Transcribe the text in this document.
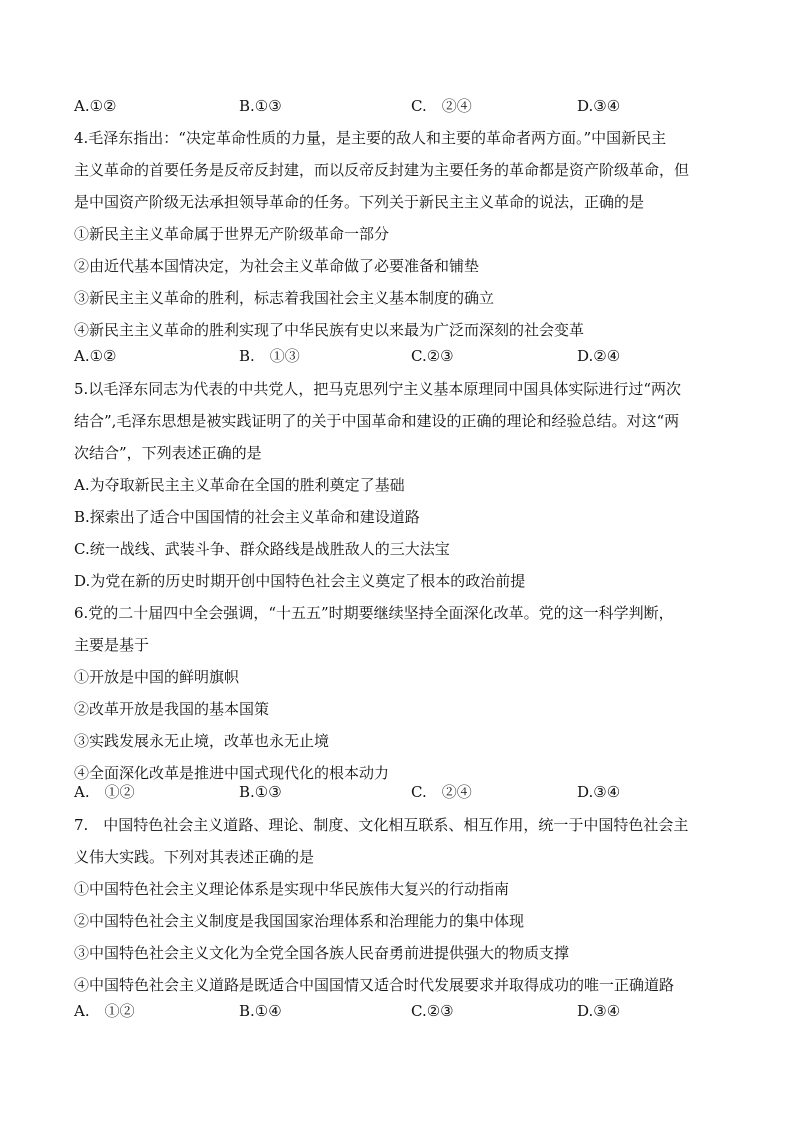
A.①②	B.①③	C.　②④	D.③④
4.毛泽东指出：“决定革命性质的力量，是主要的敌人和主要的革命者两方面。”中国新民主
主义革命的首要任务是反帝反封建，而以反帝反封建为主要任务的革命都是资产阶级革命，但
是中国资产阶级无法承担领导革命的任务。下列关于新民主主义革命的说法，正确的是
①新民主主义革命属于世界无产阶级革命一部分
②由近代基本国情决定，为社会主义革命做了必要准备和铺垫
③新民主主义革命的胜利，标志着我国社会主义基本制度的确立
④新民主主义革命的胜利实现了中华民族有史以来最为广泛而深刻的社会变革
A.①②	B.　①③	C.②③	D.②④
5.以毛泽东同志为代表的中共党人，把马克思列宁主义基本原理同中国具体实际进行过“两次
结合”,毛泽东思想是被实践证明了的关于中国革命和建设的正确的理论和经验总结。对这“两
次结合”，下列表述正确的是
A.为夺取新民主主义革命在全国的胜利奠定了基础
B.探索出了适合中国国情的社会主义革命和建设道路
C.统一战线、武装斗争、群众路线是战胜敌人的三大法宝
D.为党在新的历史时期开创中国特色社会主义奠定了根本的政治前提
6.党的二十届四中全会强调，“十五五”时期要继续坚持全面深化改革。党的这一科学判断，
主要是基于
①开放是中国的鲜明旗帜
②改革开放是我国的基本国策
③实践发展永无止境，改革也永无止境
④全面深化改革是推进中国式现代化的根本动力
A.　①②	B.①③	C.　②④	D.③④
7.　中国特色社会主义道路、理论、制度、文化相互联系、相互作用，统一于中国特色社会主
义伟大实践。下列对其表述正确的是
①中国特色社会主义理论体系是实现中华民族伟大复兴的行动指南
②中国特色社会主义制度是我国国家治理体系和治理能力的集中体现
③中国特色社会主义文化为全党全国各族人民奋勇前进提供强大的物质支撑
④中国特色社会主义道路是既适合中国国情又适合时代发展要求并取得成功的唯一正确道路
A.　①②	B.①④	C.②③	D.③④
